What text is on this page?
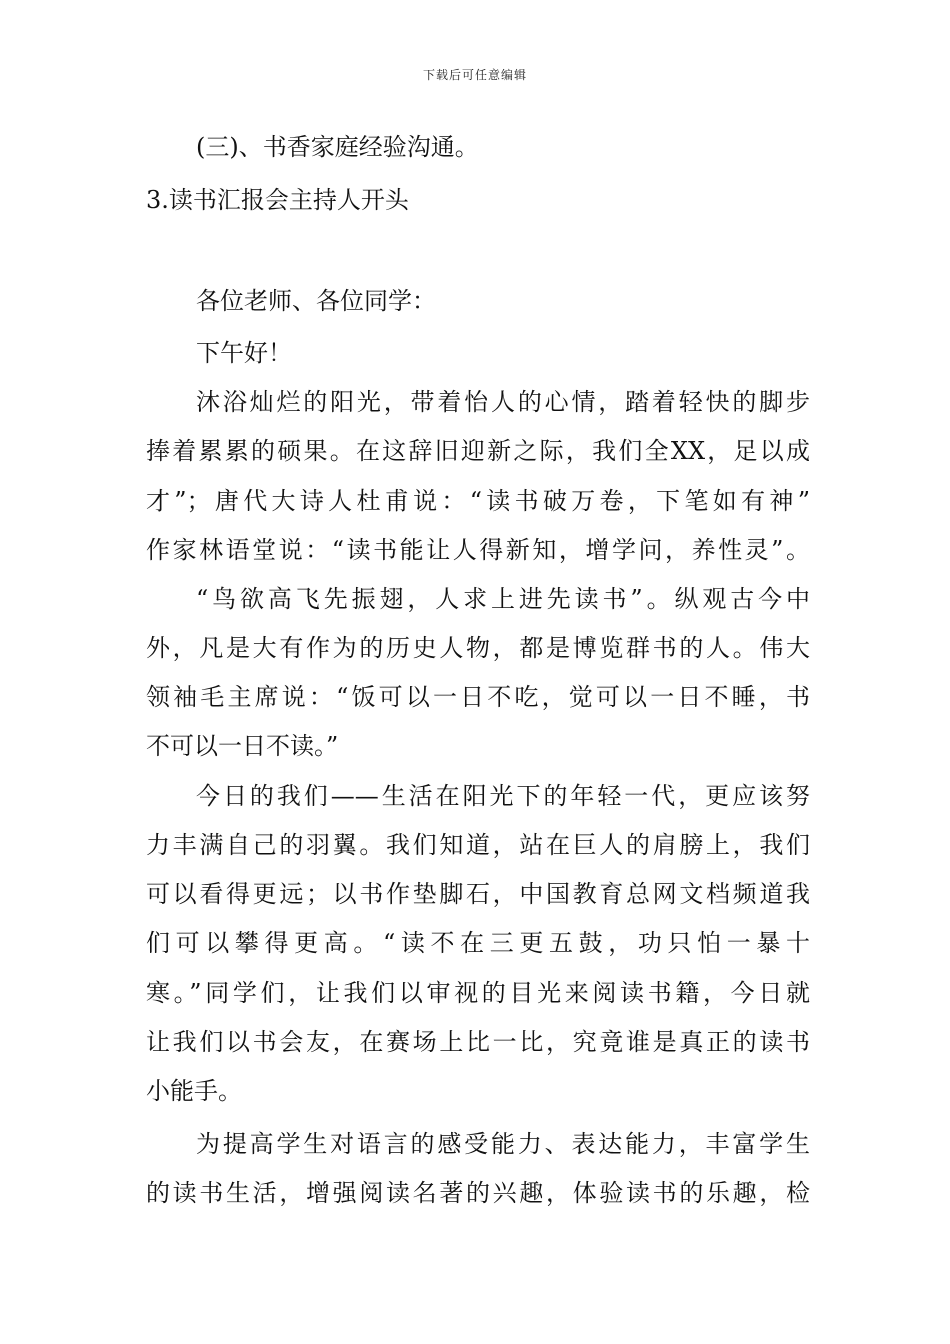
下载后可任意编辑
(三)、书香家庭经验沟通。
3.读书汇报会主持人开头
各位老师、各位同学：
下午好！
沐浴灿烂的阳光，带着怡人的心情，踏着轻快的脚步
捧着累累的硕果。在这辞旧迎新之际，我们全XX，足以成
才”；唐代大诗人杜甫说：“读书破万卷，下笔如有神”
作家林语堂说：“读书能让人得新知，增学问，养性灵”。
“鸟欲高飞先振翅，人求上进先读书”。纵观古今中
外，凡是大有作为的历史人物，都是博览群书的人。伟大
领袖毛主席说：“饭可以一日不吃，觉可以一日不睡，书
不可以一日不读。”
今日的我们——生活在阳光下的年轻一代，更应该努
力丰满自己的羽翼。我们知道，站在巨人的肩膀上，我们
可以看得更远；以书作垫脚石，中国教育总网文档频道我
们可以攀得更高。“读不在三更五鼓，功只怕一暴十
寒。”同学们，让我们以审视的目光来阅读书籍，今日就
让我们以书会友，在赛场上比一比，究竟谁是真正的读书
小能手。
为提高学生对语言的感受能力、表达能力，丰富学生
的读书生活，增强阅读名著的兴趣，体验读书的乐趣，检
